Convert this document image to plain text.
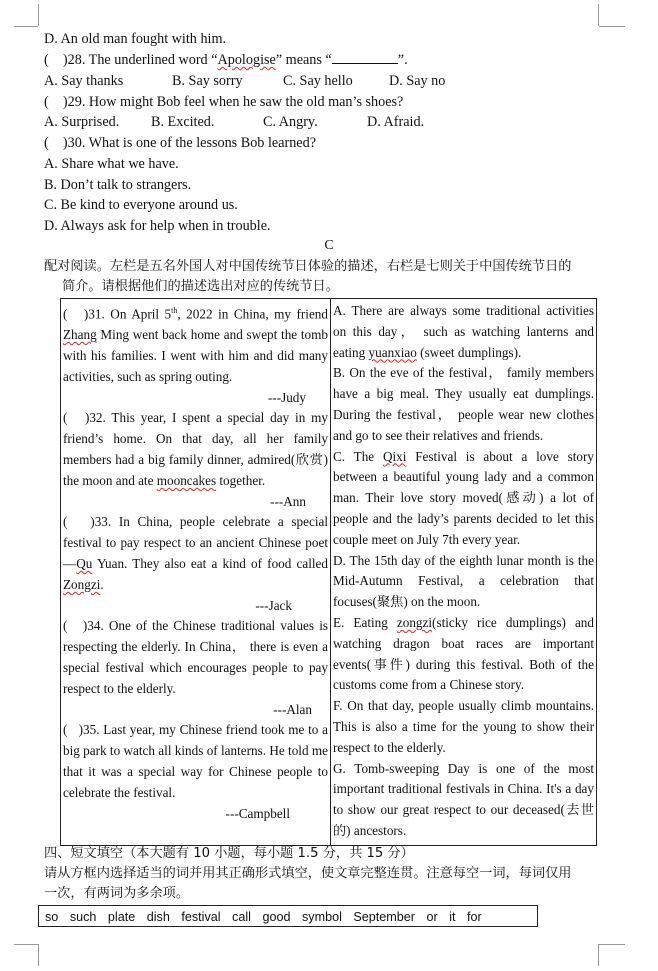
D. An old man fought with him.
(    )28. The underlined word “Apologise” means “	”.
A. Say thanks	B. Say sorry	C. Say hello	D. Say no
(    )29. How might Bob feel when he saw the old man’s shoes?
A. Surprised. B. Excited.	C. Angry.	D. Afraid.
(    )30. What is one of the lessons Bob learned?
A. Share what we have.
B. Don’t talk to strangers.
C. Be kind to everyone around us.
D. Always ask for help when in trouble.
C
配对阅读。左栏是五名外国人对中国传统节日体验的描述，右栏是七则关于中国传统节日的
简介。请根据他们的描述选出对应的传统节日。

(   )31. On April 5th, 2022 in China, my friend Zhang Ming went back home and swept the tomb with his families. I went with him and did many activities, such as spring outing.

---Judy

(   )32. This year, I spent a special day in my friend’s home. On that day, all her family members had a big family dinner, admired(欣赏) the moon and ate mooncakes together.

---Ann

(   )33. In China, people celebrate a special festival to pay respect to an ancient Chinese poet—Qu Yuan. They also eat a kind of food called Zongzi.

---Jack

(   )34. One of the Chinese traditional values is respecting the elderly. In China， there is even a special festival which encourages people to pay respect to the elderly.

---Alan

(   )35. Last year, my Chinese friend took me to a big park to watch all kinds of lanterns. He told me that it was a special way for Chinese people to celebrate the festival.

---Campbell

A. There are always some traditional activities on this day， such as watching lanterns and eating yuanxiao (sweet dumplings).

B. On the eve of the festival， family members have a big meal. They usually eat dumplings. During the festival， people wear new clothes and go to see their relatives and friends.

C. The Qixi Festival is about a love story between a beautiful young lady and a common man. Their love story moved(感动) a lot of people and the lady’s parents decided to let this couple meet on July 7th every year.

D. The 15th day of the eighth lunar month is the Mid-Autumn Festival, a celebration that focuses(聚焦) on the moon.

E. Eating zongzi(sticky rice dumplings) and watching dragon boat races are important events(事件) during this festival. Both of the customs come from a Chinese story.

F. On that day, people usually climb mountains. This is also a time for the young to show their respect to the elderly.

G. Tomb-sweeping Day is one of the most important traditional festivals in China. It's a day to show our great respect to our deceased(去世的) ancestors.

四、短文填空（本大题有 10 小题，每小题 1.5 分，共 15 分）
请从方框内选择适当的词并用其正确形式填空，使文章完整连贯。注意每空一词，每词仅用
一次，有两词为多余项。
so such plate dish festival call good symbol September or it for
